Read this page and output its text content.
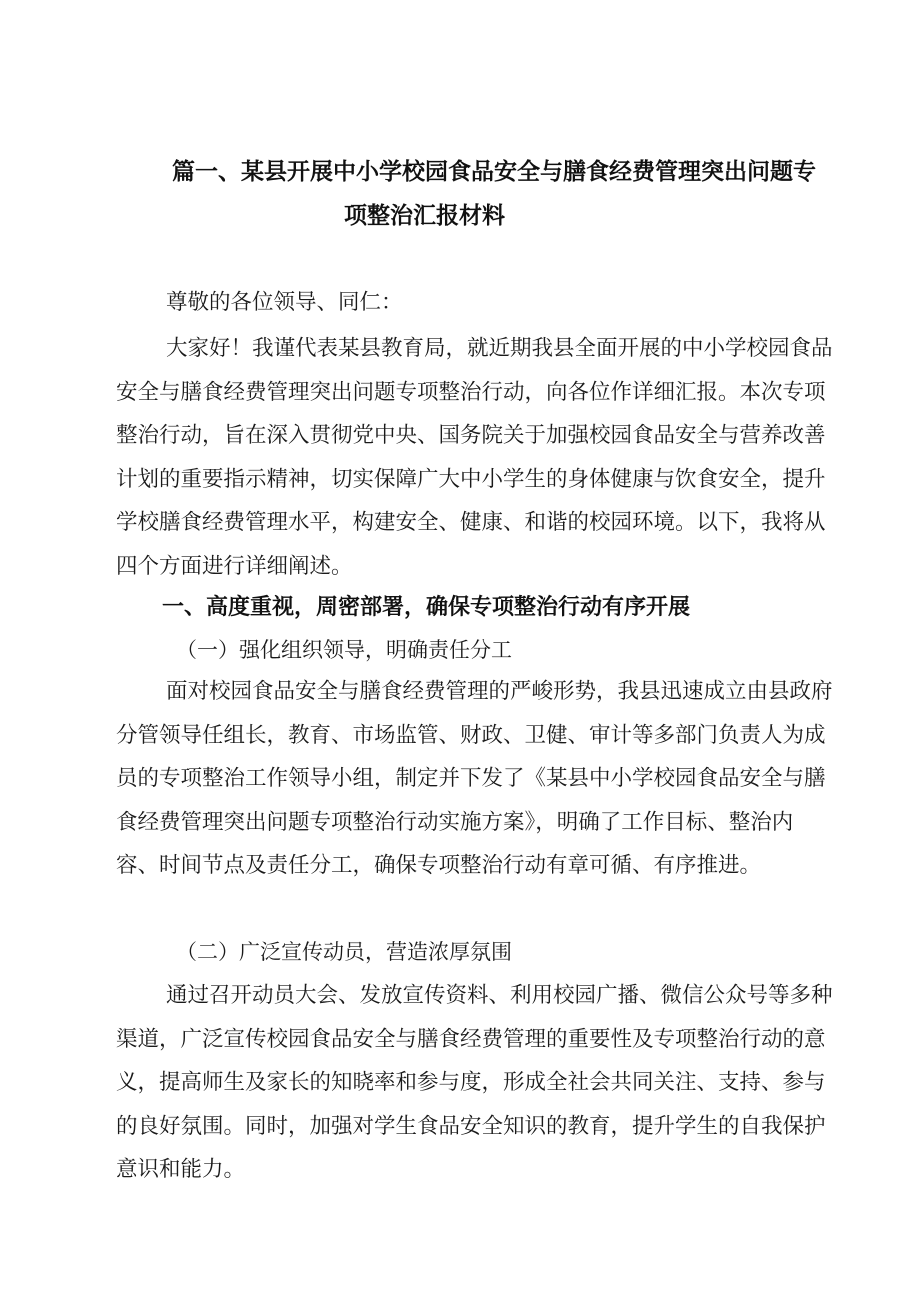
篇一、某县开展中小学校园食品安全与膳食经费管理突出问题专
项整治汇报材料
尊敬的各位领导、同仁：

大家好！我谨代表某县教育局，就近期我县全面开展的中小学校园食品安全与膳食经费管理突出问题专项整治行动，向各位作详细汇报。本次专项整治行动，旨在深入贯彻党中央、国务院关于加强校园食品安全与营养改善计划的重要指示精神，切实保障广大中小学生的身体健康与饮食安全，提升学校膳食经费管理水平，构建安全、健康、和谐的校园环境。以下，我将从四个方面进行详细阐述。

一、高度重视，周密部署，确保专项整治行动有序开展
（一）强化组织领导，明确责任分工

面对校园食品安全与膳食经费管理的严峻形势，我县迅速成立由县政府分管领导任组长，教育、市场监管、财政、卫健、审计等多部门负责人为成员的专项整治工作领导小组，制定并下发了《某县中小学校园食品安全与膳食经费管理突出问题专项整治行动实施方案》，明确了工作目标、整治内容、时间节点及责任分工，确保专项整治行动有章可循、有序推进。

（二）广泛宣传动员，营造浓厚氛围

通过召开动员大会、发放宣传资料、利用校园广播、微信公众号等多种渠道，广泛宣传校园食品安全与膳食经费管理的重要性及专项整治行动的意义，提高师生及家长的知晓率和参与度，形成全社会共同关注、支持、参与的良好氛围。同时，加强对学生食品安全知识的教育，提升学生的自我保护意识和能力。
